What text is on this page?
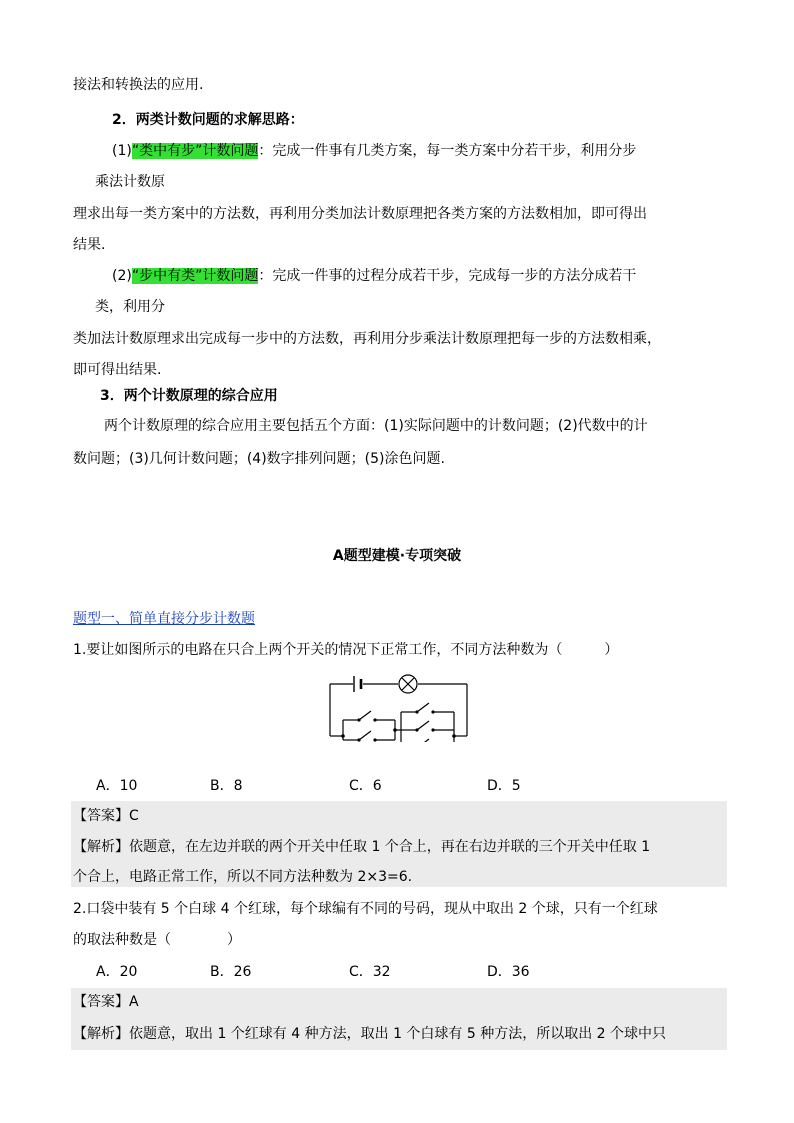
接法和转换法的应用.
2．两类计数问题的求解思路：
(1)“类中有步”计数问题：完成一件事有几类方案，每一类方案中分若干步，利用分步
乘法计数原
理求出每一类方案中的方法数，再利用分类加法计数原理把各类方案的方法数相加，即可得出
结果.
(2)“步中有类”计数问题：完成一件事的过程分成若干步，完成每一步的方法分成若干
类，利用分
类加法计数原理求出完成每一步中的方法数，再利用分步乘法计数原理把每一步的方法数相乘，
即可得出结果.
3．两个计数原理的综合应用
两个计数原理的综合应用主要包括五个方面：(1)实际问题中的计数问题；(2)代数中的计
数问题；(3)几何计数问题；(4)数字排列问题；(5)涂色问题.
A题型建模·专项突破
题型一、简单直接分步计数题
1.要让如图所示的电路在只合上两个开关的情况下正常工作，不同方法种数为（　　　）
A．10	B．8	C．6	D．5
【答案】C
【解析】依题意，在左边并联的两个开关中任取 1 个合上，再在右边并联的三个开关中任取 1
个合上，电路正常工作，所以不同方法种数为 2×3=6.
2.口袋中装有 5 个白球 4 个红球，每个球编有不同的号码，现从中取出 2 个球，只有一个红球
的取法种数是（　　　　）
A．20	B．26	C．32	D．36
【答案】A
【解析】依题意，取出 1 个红球有 4 种方法，取出 1 个白球有 5 种方法，所以取出 2 个球中只
